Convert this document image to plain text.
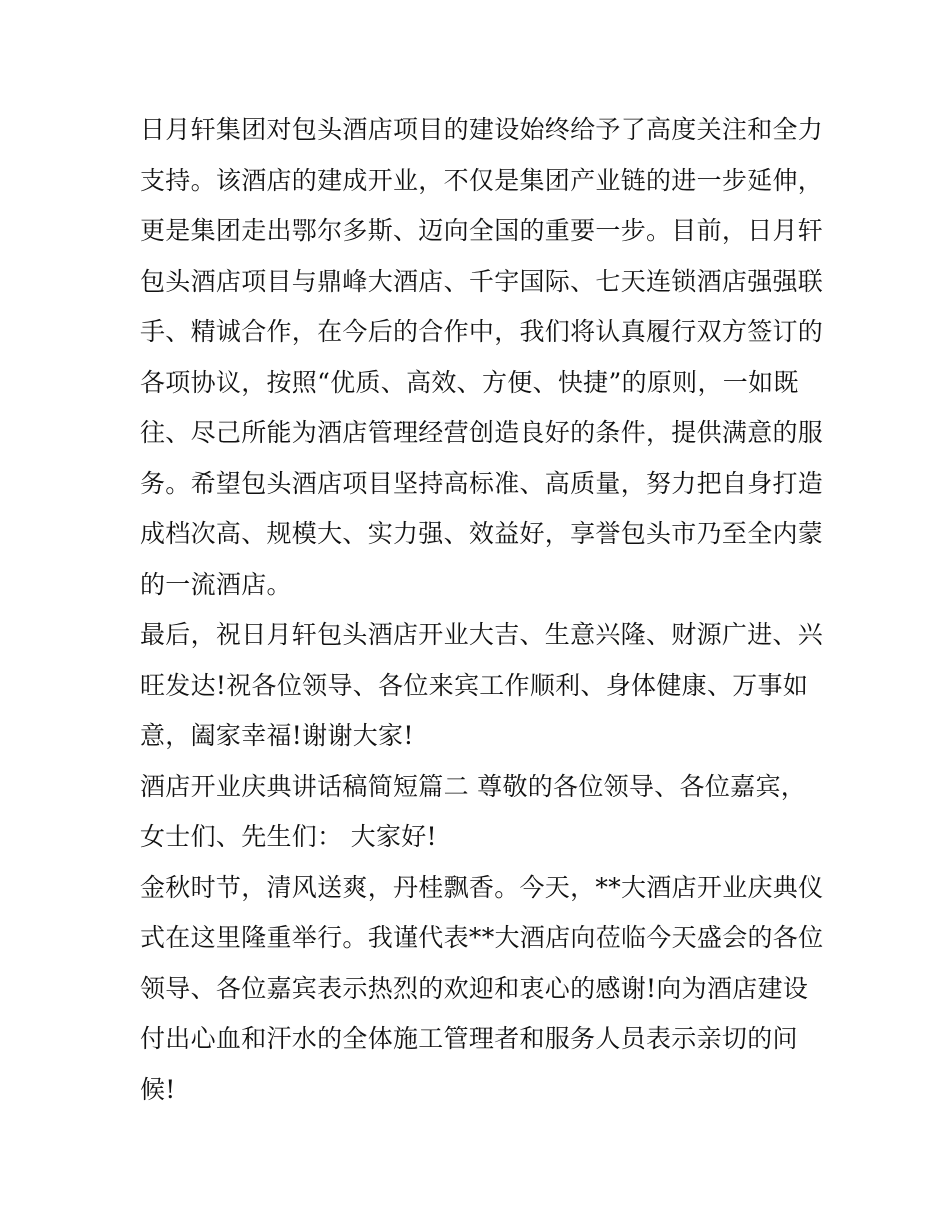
日月轩集团对包头酒店项目的建设始终给予了高度关注和全力
支持。该酒店的建成开业，不仅是集团产业链的进一步延伸，
更是集团走出鄂尔多斯、迈向全国的重要一步。目前，日月轩
包头酒店项目与鼎峰大酒店、千宇国际、七天连锁酒店强强联
手、精诚合作，在今后的合作中，我们将认真履行双方签订的
各项协议，按照“优质、高效、方便、快捷”的原则，一如既
往、尽己所能为酒店管理经营创造良好的条件，提供满意的服
务。希望包头酒店项目坚持高标准、高质量，努力把自身打造
成档次高、规模大、实力强、效益好，享誉包头市乃至全内蒙
的一流酒店。
最后，祝日月轩包头酒店开业大吉、生意兴隆、财源广进、兴
旺发达!祝各位领导、各位来宾工作顺利、身体健康、万事如
意，阖家幸福!谢谢大家!
酒店开业庆典讲话稿简短篇二 尊敬的各位领导、各位嘉宾，
女士们、先生们： 大家好!
金秋时节，清风送爽，丹桂飘香。今天，**大酒店开业庆典仪
式在这里隆重举行。我谨代表**大酒店向莅临今天盛会的各位
领导、各位嘉宾表示热烈的欢迎和衷心的感谢!向为酒店建设
付出心血和汗水的全体施工管理者和服务人员表示亲切的问
候!
